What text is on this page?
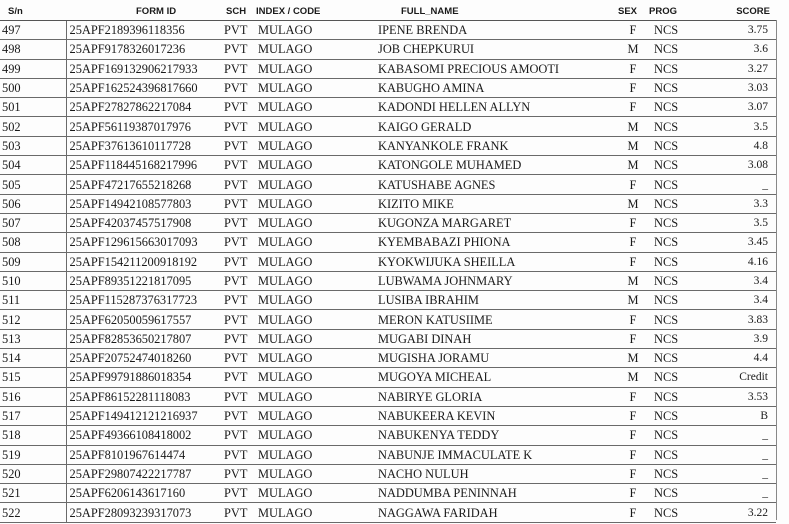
S/n	FORM ID	SCH	INDEX / CODE	FULL_NAME	SEX	PROG	SCORE
497	25APF2189396118356	PVT	MULAGO	IPENE BRENDA	F	NCS	3.75
498	25APF9178326017236	PVT	MULAGO	JOB CHEPKURUI	M	NCS	3.6
499	25APF169132906217933	PVT	MULAGO	KABASOMI PRECIOUS AMOOTI	F	NCS	3.27
500	25APF162524396817660	PVT	MULAGO	KABUGHO AMINA	F	NCS	3.03
501	25APF27827862217084	PVT	MULAGO	KADONDI HELLEN ALLYN	F	NCS	3.07
502	25APF56119387017976	PVT	MULAGO	KAIGO GERALD	M	NCS	3.5
503	25APF37613610117728	PVT	MULAGO	KANYANKOLE FRANK	M	NCS	4.8
504	25APF118445168217996	PVT	MULAGO	KATONGOLE MUHAMED	M	NCS	3.08
505	25APF47217655218268	PVT	MULAGO	KATUSHABE AGNES	F	NCS	_
506	25APF14942108577803	PVT	MULAGO	KIZITO MIKE	M	NCS	3.3
507	25APF42037457517908	PVT	MULAGO	KUGONZA MARGARET	F	NCS	3.5
508	25APF129615663017093	PVT	MULAGO	KYEMBABAZI PHIONA	F	NCS	3.45
509	25APF154211200918192	PVT	MULAGO	KYOKWIJUKA SHEILLA	F	NCS	4.16
510	25APF89351221817095	PVT	MULAGO	LUBWAMA JOHNMARY	M	NCS	3.4
511	25APF115287376317723	PVT	MULAGO	LUSIBA IBRAHIM	M	NCS	3.4
512	25APF62050059617557	PVT	MULAGO	MERON KATUSIIME	F	NCS	3.83
513	25APF82853650217807	PVT	MULAGO	MUGABI DINAH	F	NCS	3.9
514	25APF20752474018260	PVT	MULAGO	MUGISHA JORAMU	M	NCS	4.4
515	25APF99791886018354	PVT	MULAGO	MUGOYA MICHEAL	M	NCS	Credit
516	25APF86152281118083	PVT	MULAGO	NABIRYE GLORIA	F	NCS	3.53
517	25APF149412121216937	PVT	MULAGO	NABUKEERA KEVIN	F	NCS	B
518	25APF49366108418002	PVT	MULAGO	NABUKENYA TEDDY	F	NCS	_
519	25APF8101967614474	PVT	MULAGO	NABUNJE IMMACULATE K	F	NCS	_
520	25APF29807422217787	PVT	MULAGO	NACHO NULUH	F	NCS	_
521	25APF6206143617160	PVT	MULAGO	NADDUMBA PENINNAH	F	NCS	_
522	25APF28093239317073	PVT	MULAGO	NAGGAWA FARIDAH	F	NCS	3.22
